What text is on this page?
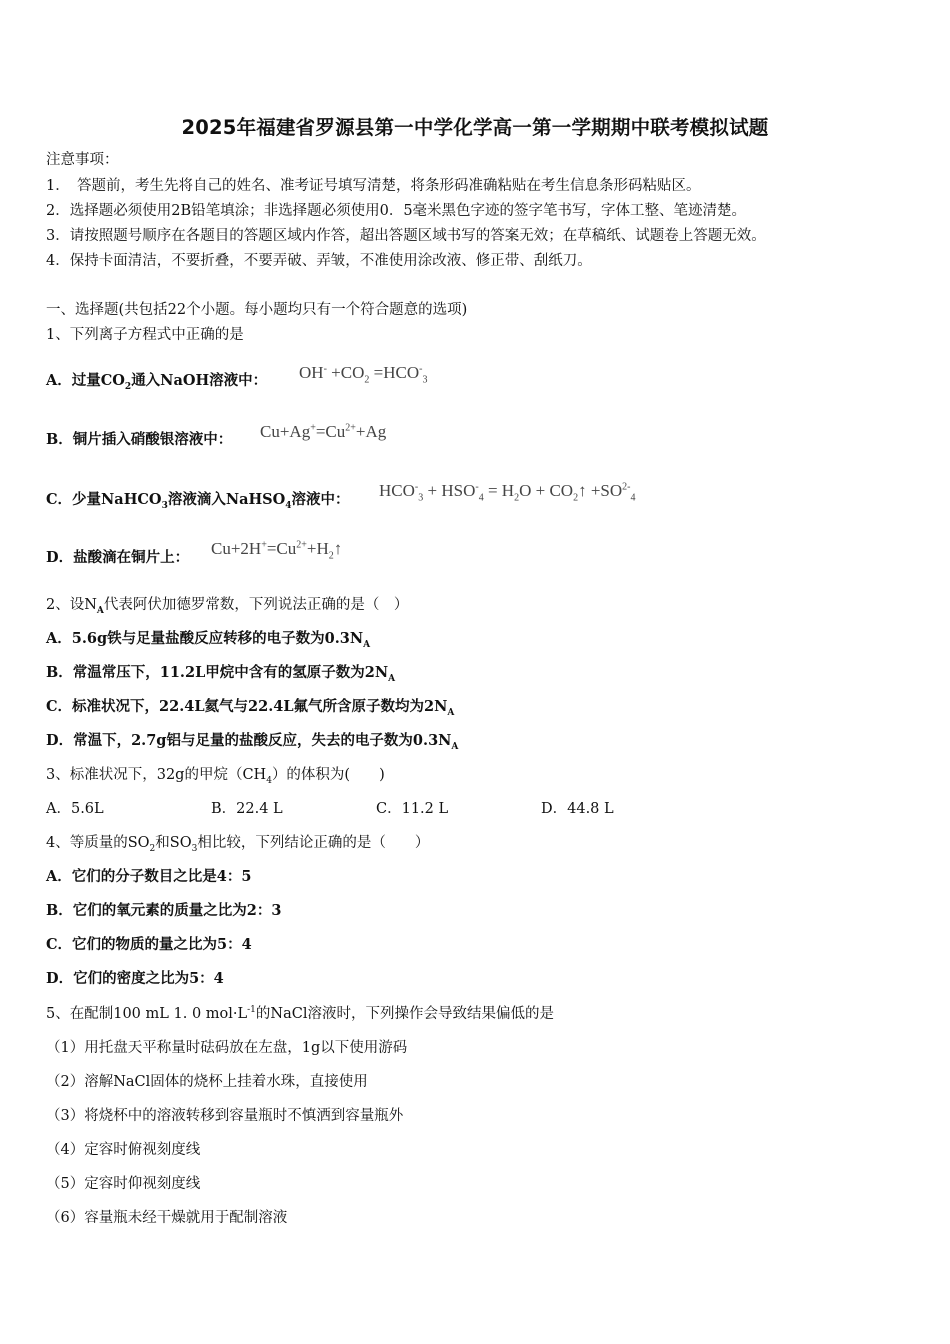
2025年福建省罗源县第一中学化学高一第一学期期中联考模拟试题
注意事项：
1．　答题前，考生先将自己的姓名、准考证号填写清楚，将条形码准确粘贴在考生信息条形码粘贴区。
2．选择题必须使用2B铅笔填涂；非选择题必须使用0．5毫米黑色字迹的签字笔书写，字体工整、笔迹清楚。
3．请按照题号顺序在各题目的答题区域内作答，超出答题区域书写的答案无效；在草稿纸、试题卷上答题无效。
4．保持卡面清洁，不要折叠，不要弄破、弄皱，不准使用涂改液、修正带、刮纸刀。
一、选择题(共包括22个小题。每小题均只有一个符合题意的选项)
1、下列离子方程式中正确的是
A．过量$CO_2$通入NaOH溶液中： $OH^- +CO_2 =HCO^-_3$
B．铜片插入硝酸银溶液中： $Cu+Ag^+=Cu^{2+}+Ag$
C．少量NaHCO$_3$溶液滴入NaHSO$_4$溶液中： $HCO^-_3 + HSO^-_4 = H_2O$ + $CO_2↑ +SO^{2-}_4$
D．盐酸滴在铜片上： $Cu+2H^+=Cu^{2+}+H_2↑$
2、设$N_A$代表阿伏加德罗常数，下列说法正确的是（　）
A．5.6g铁与足量盐酸反应转移的电子数为$0.3N_A$
B．常温常压下，11.2L甲烷中含有的氢原子数为$2N_A$
C．标准状况下，22.4L氦气与22.4L氟气所含原子数均为$2N_A$
D．常温下，2.7g铝与足量的盐酸反应，失去的电子数为$0.3N_A$
3、标准状况下，32g的甲烷$(CH_4)$的体积为(　　)
A．5.6L	B．22.4 L	C．11.2 L	D．44.8 L
4、等质量的$SO_2$和$SO_3$相比较，下列结论正确的是（　　）
A．它们的分子数目之比是4：5
B．它们的氧元素的质量之比为2：3
C．它们的物质的量之比为5：4
D．它们的密度之比为5：4
5、在配制100 mL 1. 0 $mol\cdot L^{-1}$的NaCl溶液时，下列操作会导致结果偏低的是
（1）用托盘天平称量时砝码放在左盘，1g以下使用游码
（2）溶解NaCl固体的烧杯上挂着水珠，直接使用
（3）将烧杯中的溶液转移到容量瓶时不慎洒到容量瓶外
（4）定容时俯视刻度线
（5）定容时仰视刻度线
（6）容量瓶未经干燥就用于配制溶液
